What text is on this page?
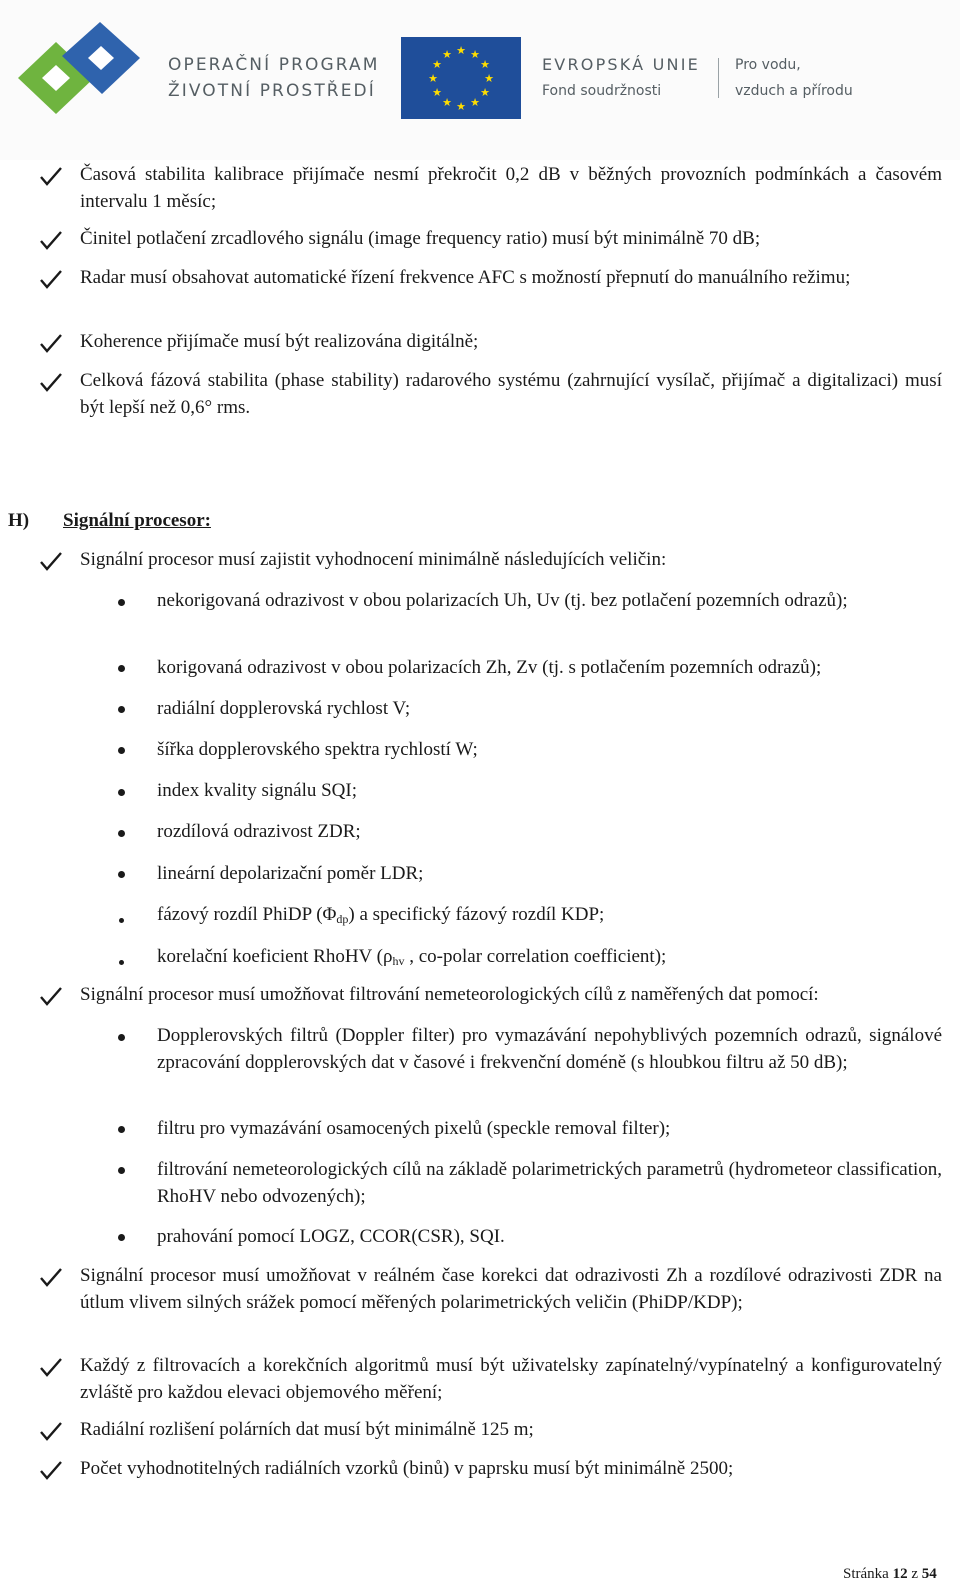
OPERAČNÍ PROGRAM
ŽIVOTNÍ PROSTŘEDÍ
★ ★
★
★
★
★
★
★
★
★
★
★
EVROPSKÁ UNIE
Fond soudržnosti
Pro vodu,
vzduch a přírodu
Časová stabilita kalibrace přijímače nesmí překročit 0,2 dB v běžných provozních podmínkách a časovém intervalu 1 měsíc;
Činitel potlačení zrcadlového signálu (image frequency ratio) musí být minimálně 70 dB;
Radar musí obsahovat automatické řízení frekvence AFC s možností přepnutí do manuálního režimu;
Koherence přijímače musí být realizována digitálně;
Celková fázová stabilita (phase stability) radarového systému (zahrnující vysílač, přijímač a digitalizaci) musí být lepší než 0,6° rms.
H) Signální procesor:
Signální procesor musí zajistit vyhodnocení minimálně následujících veličin:
nekorigovaná odrazivost v obou polarizacích Uh, Uv (tj. bez potlačení pozemních odrazů);
korigovaná odrazivost v obou polarizacích Zh, Zv (tj. s potlačením pozemních odrazů);
radiální dopplerovská rychlost V;
šířka dopplerovského spektra rychlostí W;
index kvality signálu SQI;
rozdílová odrazivost ZDR;
lineární depolarizační poměr LDR;
fázový rozdíl PhiDP $(\Phi_{dp})$ a specifický fázový rozdíl KDP;
korelační koeficient RhoHV ($\rho_{hv}$ , co-polar correlation coefficient);
Signální procesor musí umožňovat filtrování nemeteorologických cílů z naměřených dat pomocí:
Dopplerovských filtrů (Doppler filter) pro vymazávání nepohyblivých pozemních odrazů, signálové zpracování dopplerovských dat v časové i frekvenční doméně (s hloubkou filtru až 50 dB);
filtru pro vymazávání osamocených pixelů (speckle removal filter);
filtrování nemeteorologických cílů na základě polarimetrických parametrů (hydrometeor classification, RhoHV nebo odvozených);
prahování pomocí LOGZ, CCOR(CSR), SQI.
Signální procesor musí umožňovat v reálném čase korekci dat odrazivosti Zh a rozdílové odrazivosti ZDR na útlum vlivem silných srážek pomocí měřených polarimetrických veličin (PhiDP/KDP);
Každý z filtrovacích a korekčních algoritmů musí být uživatelsky zapínatelný/vypínatelný a konfigurovatelný zvláště pro každou elevaci objemového měření;
Radiální rozlišení polárních dat musí být minimálně 125 m;
Počet vyhodnotitelných radiálních vzorků (binů) v paprsku musí být minimálně 2500;
Stránka 12 z 54
